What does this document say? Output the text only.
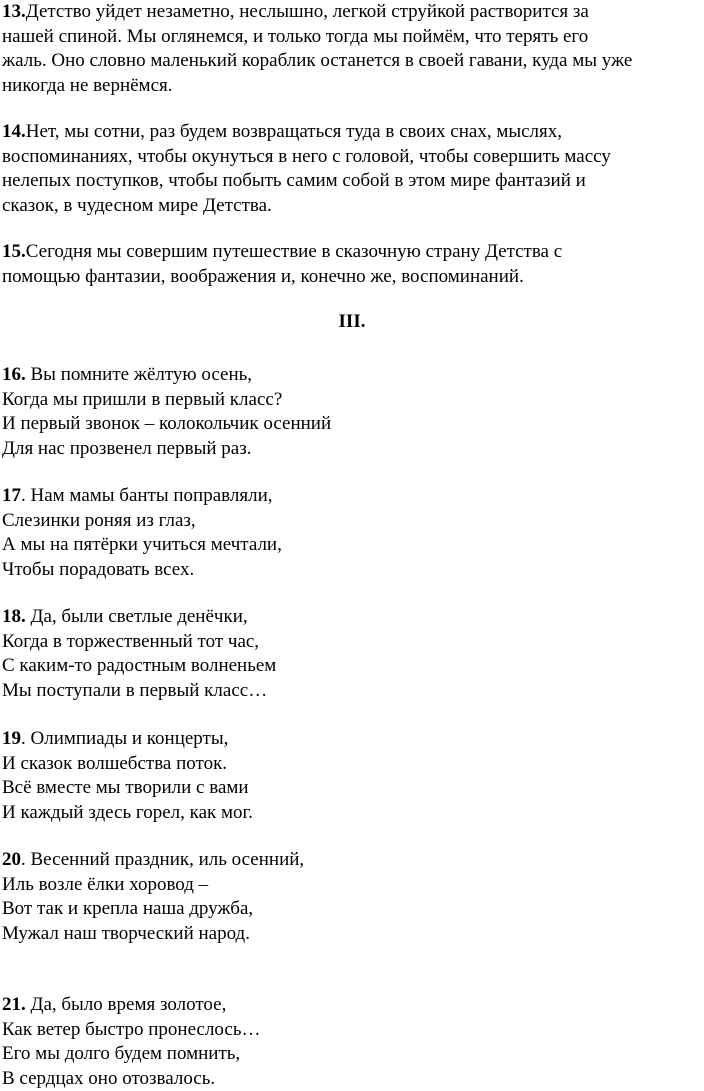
13.Детство уйдет незаметно, неслышно, легкой струйкой растворится за
нашей спиной. Мы оглянемся, и только тогда мы поймём, что терять его
жаль. Оно словно маленький кораблик останется в своей гавани, куда мы уже
никогда не вернёмся.

14.Нет, мы сотни, раз будем возвращаться туда в своих снах, мыслях,
воспоминаниях, чтобы окунуться в него с головой, чтобы совершить массу
нелепых поступков, чтобы побыть самим собой в этом мире фантазий и
сказок, в чудесном мире Детства.

15.Сегодня мы совершим путешествие в сказочную страну Детства с
помощью фантазии, воображения и, конечно же, воспоминаний.

III.

16. Вы помните жёлтую осень,
Когда мы пришли в первый класс?
И первый звонок – колокольчик осенний
Для нас прозвенел первый раз.

17. Нам мамы банты поправляли,
Слезинки роняя из глаз,
А мы на пятёрки учиться мечтали,
Чтобы порадовать всех.

18. Да, были светлые денёчки,
Когда в торжественный тот час,
С каким-то радостным волненьем
Мы поступали в первый класс…

19. Олимпиады и концерты,
И сказок волшебства поток.
Всё вместе мы творили с вами
И каждый здесь горел, как мог.

20. Весенний праздник, иль осенний,
Иль возле ёлки хоровод –
Вот так и крепла наша дружба,
Мужал наш творческий народ.

21. Да, было время золотое,
Как ветер быстро пронеслось…
Его мы долго будем помнить,
В сердцах оно отозвалось.
